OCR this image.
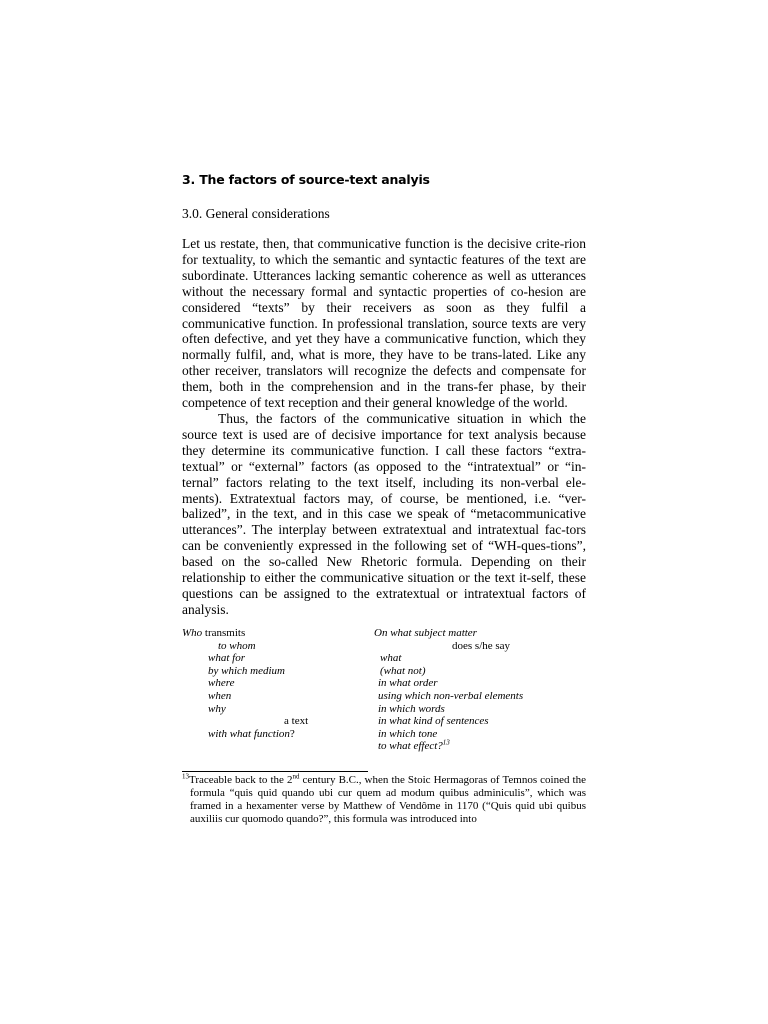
3. The factors of source-text analyis
3.0. General considerations

Let us restate, then, that communicative function is the decisive crite-rion for textuality, to which the semantic and syntactic features of the text are subordinate. Utterances lacking semantic coherence as well as utterances without the necessary formal and syntactic properties of co-hesion are considered “texts” by their receivers as soon as they fulfil a communicative function. In professional translation, source texts are very often defective, and yet they have a communicative function, which they normally fulfil, and, what is more, they have to be trans-lated. Like any other receiver, translators will recognize the defects and compensate for them, both in the comprehension and in the trans-fer phase, by their competence of text reception and their general knowledge of the world.

Thus, the factors of the communicative situation in which the source text is used are of decisive importance for text analysis because they determine its communicative function. I call these factors “extra-textual” or “external” factors (as opposed to the “intratextual” or “in-ternal” factors relating to the text itself, including its non-verbal ele-ments). Extratextual factors may, of course, be mentioned, i.e. “ver-balized”, in the text, and in this case we speak of “metacommunicative utterances”. The interplay between extratextual and intratextual fac-tors can be conveniently expressed in the following set of “WH-ques-tions”, based on the so-called New Rhetoric formula. Depending on their relationship to either the communicative situation or the text it-self, these questions can be assigned to the extratextual or intratextual factors of analysis.

Who transmits
to whom
what for
by which medium
where
when
why
a text
with what function?
On what subject matter
does s/he say
what
(what not)
in what order
using which non-verbal elements
in which words
in what kind of sentences
in which tone
to what effect?$^{13}$
$^{13}$Traceable back to the 2nd century B.C., when the Stoic Hermagoras of Temnos coined the formula “quis quid quando ubi cur quem ad modum quibus adminiculis”, which was framed in a hexamenter verse by Matthew of Vendôme in 1170 (“Quis quid ubi quibus auxiliis cur quomodo quando?”, this formula was introduced into
